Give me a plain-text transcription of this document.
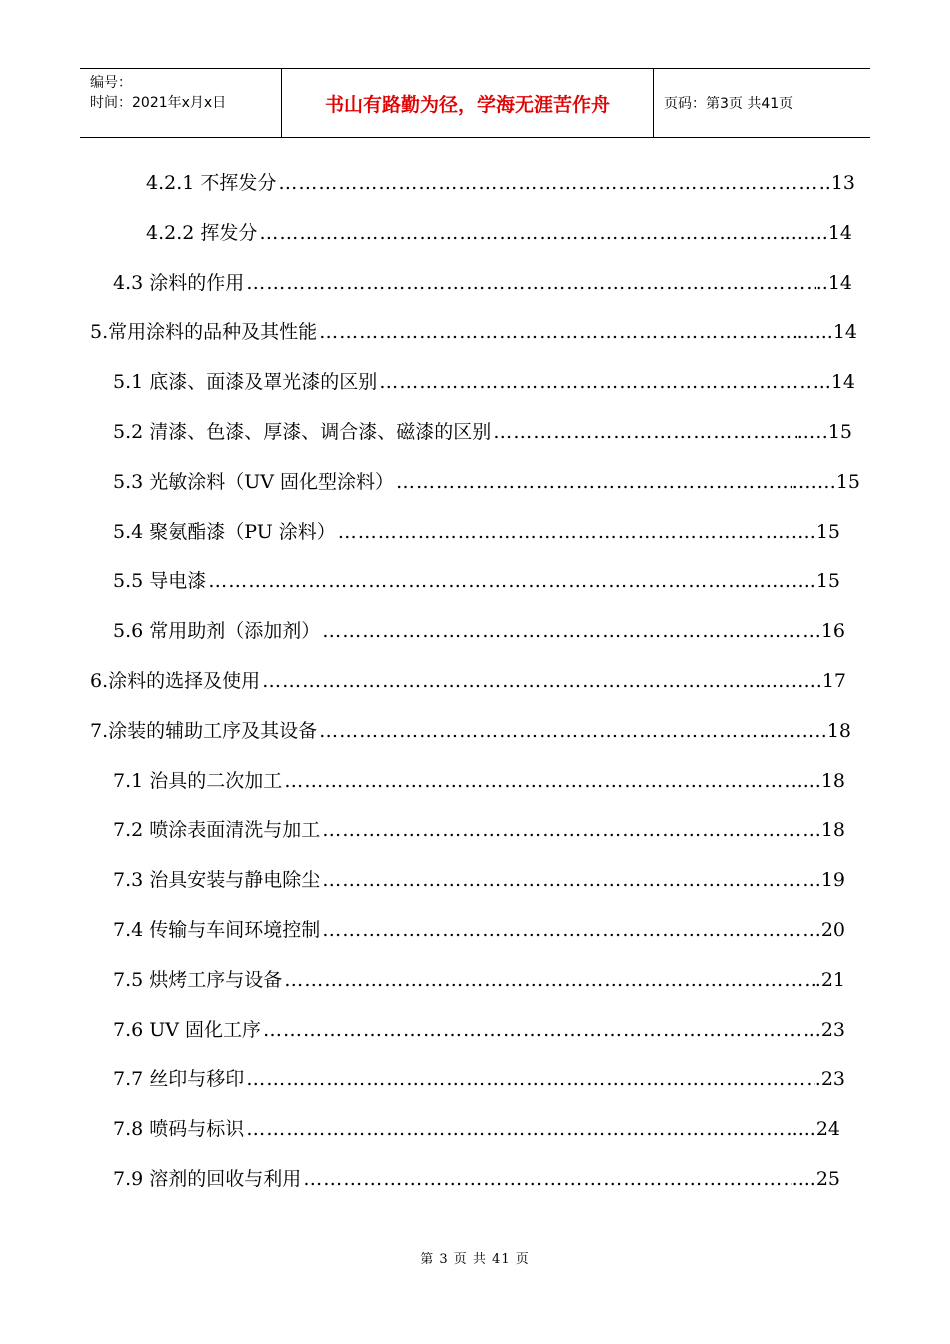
编号：
时间：2021年x月x日	书山有路勤为径，学海无涯苦作舟	页码：第3页 共41页
4.2.1 不挥发分 ……………………………………………………………………………………………………………………………………………………	..13
4.2.2 挥发分 ……………………………………………………………………………………………………………………………………………………	..…..14
4.3 涂料的作用 ……………………………………………………………………………………………………………………………………………………	..14
5.常用涂料的品种及其性能 ……………………………………………………………………………………………………………………………………………………	......14
5.1 底漆、面漆及罩光漆的区别 ……………………………………………………………………………………………………………………………………………………	...14
5.2 清漆、色漆、厚漆、调合漆、磁漆的区别 ……………………………………………………………………………………………………………………………………………………	..…15
5.3 光敏涂料（UV 固化型涂料） ……………………………………………………………………………………………………………………………………………………	.……15
5.4 聚氨酯漆（PU 涂料） ……………………………………………………………………………………………………………………………………………………	.…….15
5.5 导电漆 ……………………………………………………………………………………………………………………………………………………	..………..15
5.6 常用助剂（添加剂） ……………………………………………………………………………………………………………………………………………………	.16
6.涂料的选择及使用 ……………………………………………………………………………………………………………………………………………………	..……..17
7.涂装的辅助工序及其设备 ……………………………………………………………………………………………………………………………………………………	.………18
7.1 治具的二次加工 ……………………………………………………………………………………………………………………………………………………	.....18
7.2 喷涂表面清洗与加工 ……………………………………………………………………………………………………………………………………………………	.18
7.3 治具安装与静电除尘 ……………………………………………………………………………………………………………………………………………………	.19
7.4 传输与车间环境控制 ……………………………………………………………………………………………………………………………………………………	.20
7.5 烘烤工序与设备 ……………………………………………………………………………………………………………………………………………………	.21
7.6 UV 固化工序 ……………………………………………………………………………………………………………………………………………………	..23
7.7 丝印与移印 ……………………………………………………………………………………………………………………………………………………	.23
7.8 喷码与标识 ……………………………………………………………………………………………………………………………………………………	....24
7.9 溶剂的回收与利用 ……………………………………………………………………………………………………………………………………………………	....25
第 3 页 共 41 页
